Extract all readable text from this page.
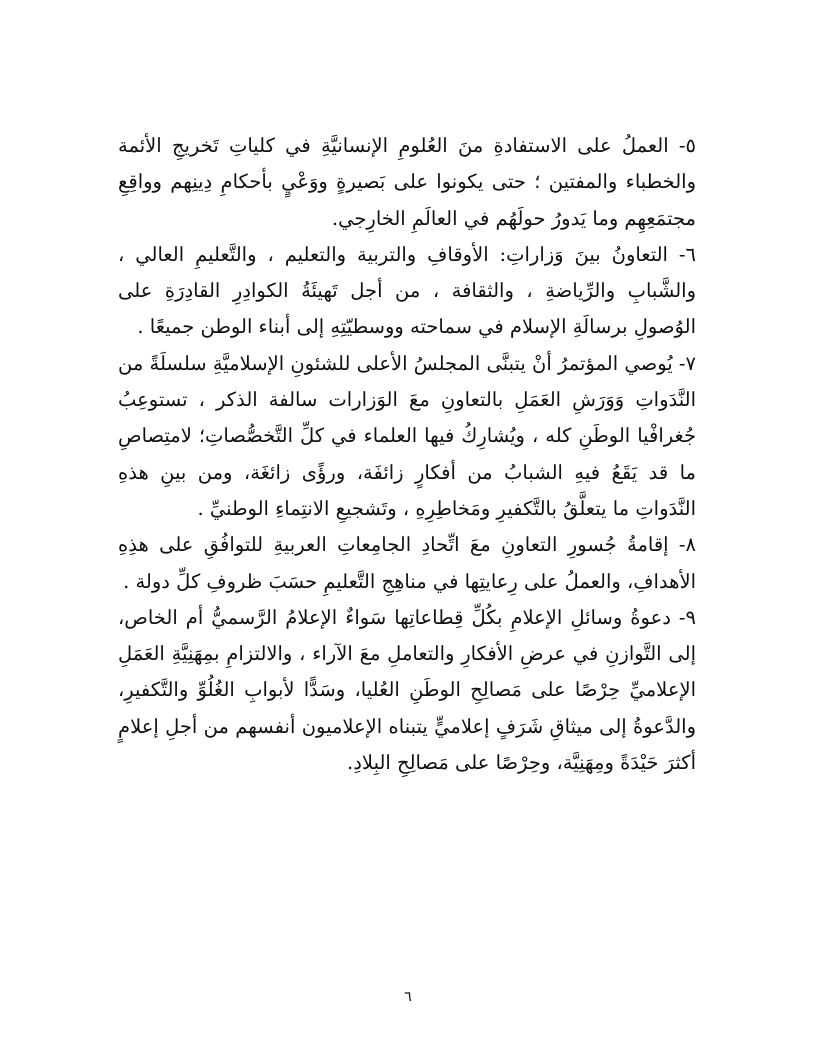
٥- العملُ على الاستفادةِ منَ العُلومِ الإنسانيَّةِ في كلياتِ تَخريجِ الأئمة والخطباء والمفتين ؛ حتى يكونوا على بَصيرةٍ ووَعْيٍ بأحكامِ دِينِهم وواقِعِ مجتمَعِهِم وما يَدورُ حولَهُم في العالَمِ الخارِجي.

٦- التعاونُ بينَ وَزاراتِ: الأوقافِ والتربية والتعليم ، والتَّعليمِ العالي ، والشَّبابِ والرِّياضةِ ، والثقافة ، من أجل تَهيئَةُ الكوادِرِ القادِرَةِ على الوُصولِ برسالَةِ الإسلام في سماحته ووسطيّتِهِ إلى أبناء الوطن جميعًا .

٧- يُوصي المؤتمرُ أنْ يتبنَّى المجلسُ الأعلى للشئونِ الإسلاميَّةِ سلسلَةً من النَّدَواتِ وَوَرَشِ العَمَلِ بالتعاونِ معَ الوَزارات سالفة الذكر ، تستوعِبُ جُغرافْيا الوطَنِ كله ، ويُشارِكُ فيها العلماء في كلِّ التَّخصُّصاتِ؛ لامتِصاصِ ما قد يَقَعُ فيهِ الشبابُ من أفكارٍ زائفَة، ورؤًى زائغَة، ومن بينِ هذهِ النَّدَواتِ ما يتعلَّقُ بالتَّكفيرِ ومَخاطِرِهِ ، وتَشجيعِ الانتِماءِ الوطنيِّ .

٨- إقامةُ جُسورِ التعاونِ معَ اتِّحادِ الجامِعاتِ العربيةِ للتوافُقِ على هذِهِ الأهدافِ، والعملُ على رِعايتِها في مناهِجِ التَّعليمِ حسَبَ ظروفِ كلِّ دولة .

٩- دعوةُ وسائلِ الإعلامِ بكُلِّ قِطاعاتِها سَواءٌ الإعلامُ الرَّسميُّ أم الخاص، إلى التَّوازنِ في عرضِ الأفكارِ والتعاملِ معَ الآراء ، والالتزامِ بمِهَنِيَّةِ العَمَلِ الإعلاميِّ حِرْصًا على مَصالِحِ الوطَنِ العُليا، وسَدًّا لأبوابِ الغُلُوِّ والتَّكفيرِ، والدَّعوةُ إلى ميثاقِ شَرَفٍ إعلاميٍّ يتبناه الإعلاميون أنفسهم من أجلِ إعلامٍ أكثرَ حَيْدَةً ومِهَنِيَّة، وحِرْصًا على مَصالِحِ البِلادِ.

٦
